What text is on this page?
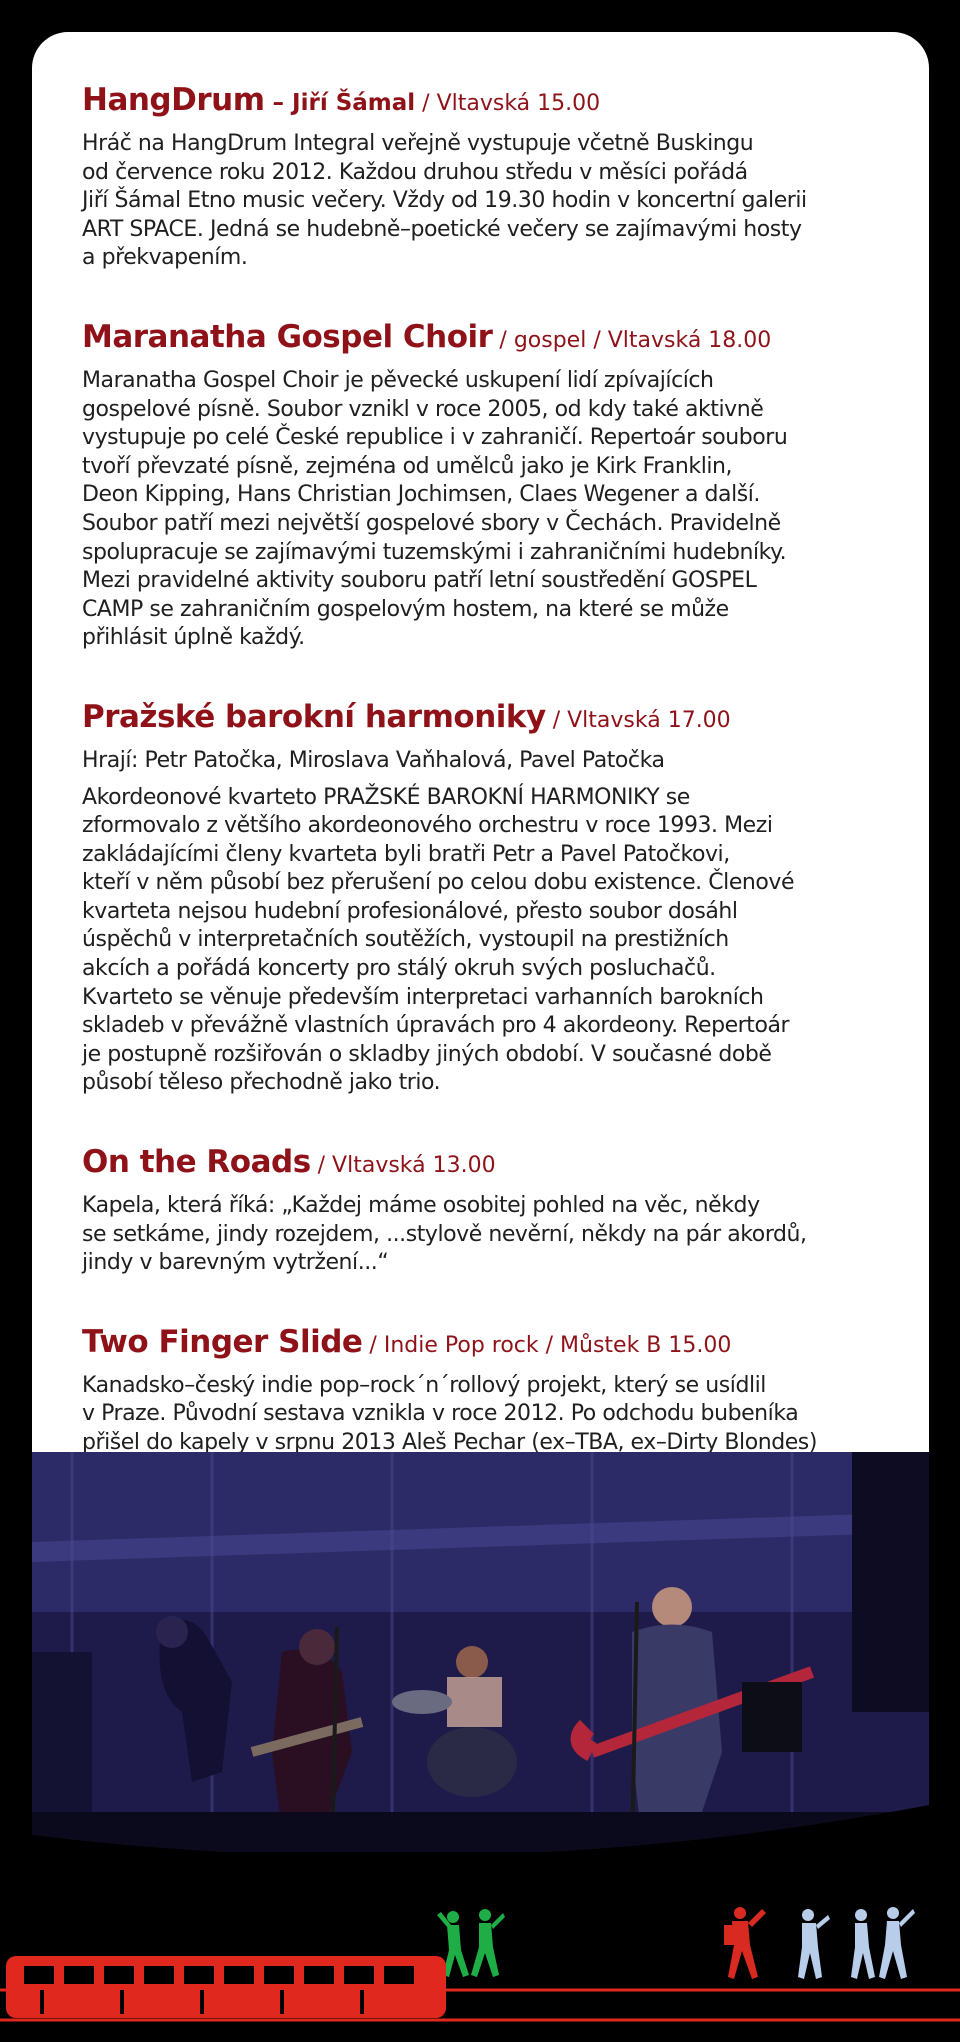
HangDrum – Jiří Šámal / Vltavská 15.00

Hráč na HangDrum Integral veřejně vystupuje včetně Buskingu
od července roku 2012. Každou druhou středu v měsíci pořádá
Jiří Šámal Etno music večery. Vždy od 19.30 hodin v koncertní galerii
ART SPACE. Jedná se hudebně–poetické večery se zajímavými hosty
a překvapením.

Maranatha Gospel Choir / gospel / Vltavská 18.00

Maranatha Gospel Choir je pěvecké uskupení lidí zpívajících
gospelové písně. Soubor vznikl v roce 2005, od kdy také aktivně
vystupuje po celé České republice i v zahraničí. Repertoár souboru
tvoří převzaté písně, zejména od umělců jako je Kirk Franklin,
Deon Kipping, Hans Christian Jochimsen, Claes Wegener a další.
Soubor patří mezi největší gospelové sbory v Čechách. Pravidelně
spolupracuje se zajímavými tuzemskými i zahraničními hudebníky.
Mezi pravidelné aktivity souboru patří letní soustředění GOSPEL
CAMP se zahraničním gospelovým hostem, na které se může
přihlásit úplně každý.

Pražské barokní harmoniky / Vltavská 17.00

Hrají: Petr Patočka, Miroslava Vaňhalová, Pavel Patočka

Akordeonové kvarteto PRAŽSKÉ BAROKNÍ HARMONIKY se
zformovalo z většího akordeonového orchestru v roce 1993. Mezi
zakládajícími členy kvarteta byli bratři Petr a Pavel Patočkovi,
kteří v něm působí bez přerušení po celou dobu existence. Členové
kvarteta nejsou hudební profesionálové, přesto soubor dosáhl
úspěchů v interpretačních soutěžích, vystoupil na prestižních
akcích a pořádá koncerty pro stálý okruh svých posluchačů.
Kvarteto se věnuje především interpretaci varhanních barokních
skladeb v převážně vlastních úpravách pro 4 akordeony. Repertoár
je postupně rozšiřován o skladby jiných období. V současné době
působí těleso přechodně jako trio.

On the Roads / Vltavská 13.00

Kapela, která říká: „Každej máme osobitej pohled na věc, někdy
se setkáme, jindy rozejdem, ...stylově nevěrní, někdy na pár akordů,
jindy v barevným vytržení...“

Two Finger Slide / Indie Pop rock / Můstek B 15.00

Kanadsko–český indie pop–rock´n´rollový projekt, který se usídlil
v Praze. Původní sestava vznikla v roce 2012. Po odchodu bubeníka
přišel do kapely v srpnu 2013 Aleš Pechar (ex–TBA, ex–Dirty Blondes)
